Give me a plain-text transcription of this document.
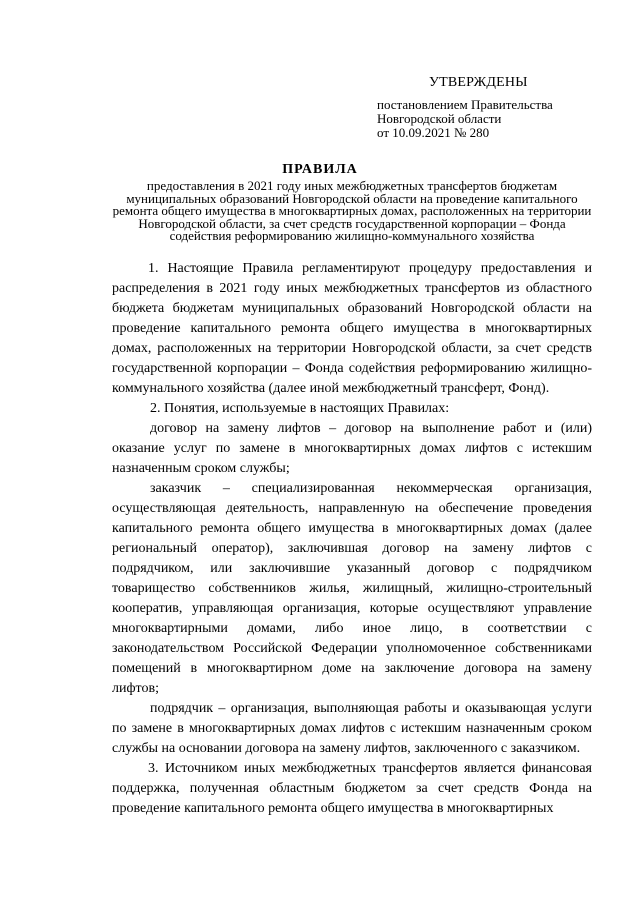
УТВЕРЖДЕНЫ
постановлением Правительства
Новгородской области
от 10.09.2021 № 280
ПРАВИЛА
предоставления в 2021 году иных межбюджетных трансфертов бюджетам муниципальных образований Новгородской области на проведение капитального ремонта общего имущества в многоквартирных домах, расположенных на территории Новгородской области, за счет средств государственной корпорации – Фонда содействия реформированию жилищно-коммунального хозяйства

1. Настоящие Правила регламентируют процедуру предоставления и распределения в 2021 году иных межбюджетных трансфертов из областного бюджета бюджетам муниципальных образований Новгородской области на проведение капитального ремонта общего имущества в многоквартирных домах, расположенных на территории Новгородской области, за счет средств государственной корпорации – Фонда содействия реформированию жилищно-коммунального хозяйства (далее иной межбюджетный трансферт, Фонд).

2. Понятия, используемые в настоящих Правилах:

договор на замену лифтов – договор на выполнение работ и (или) оказание услуг по замене в многоквартирных домах лифтов с истекшим назначенным сроком службы;

заказчик – специализированная некоммерческая организация, осуществляющая деятельность, направленную на обеспечение проведения капитального ремонта общего имущества в многоквартирных домах (далее региональный оператор), заключившая договор на замену лифтов с подрядчиком, или заключившие указанный договор с подрядчиком товарищество собственников жилья, жилищный, жилищно-строительный кооператив, управляющая организация, которые осуществляют управление многоквартирными домами, либо иное лицо, в соответствии с законодательством Российской Федерации уполномоченное собственниками помещений в многоквартирном доме на заключение договора на замену лифтов;

подрядчик – организация, выполняющая работы и оказывающая услуги по замене в многоквартирных домах лифтов с истекшим назначенным сроком службы на основании договора на замену лифтов, заключенного с заказчиком.

3. Источником иных межбюджетных трансфертов является финансовая поддержка, полученная областным бюджетом за счет средств Фонда на проведение капитального ремонта общего имущества в многоквартирных
